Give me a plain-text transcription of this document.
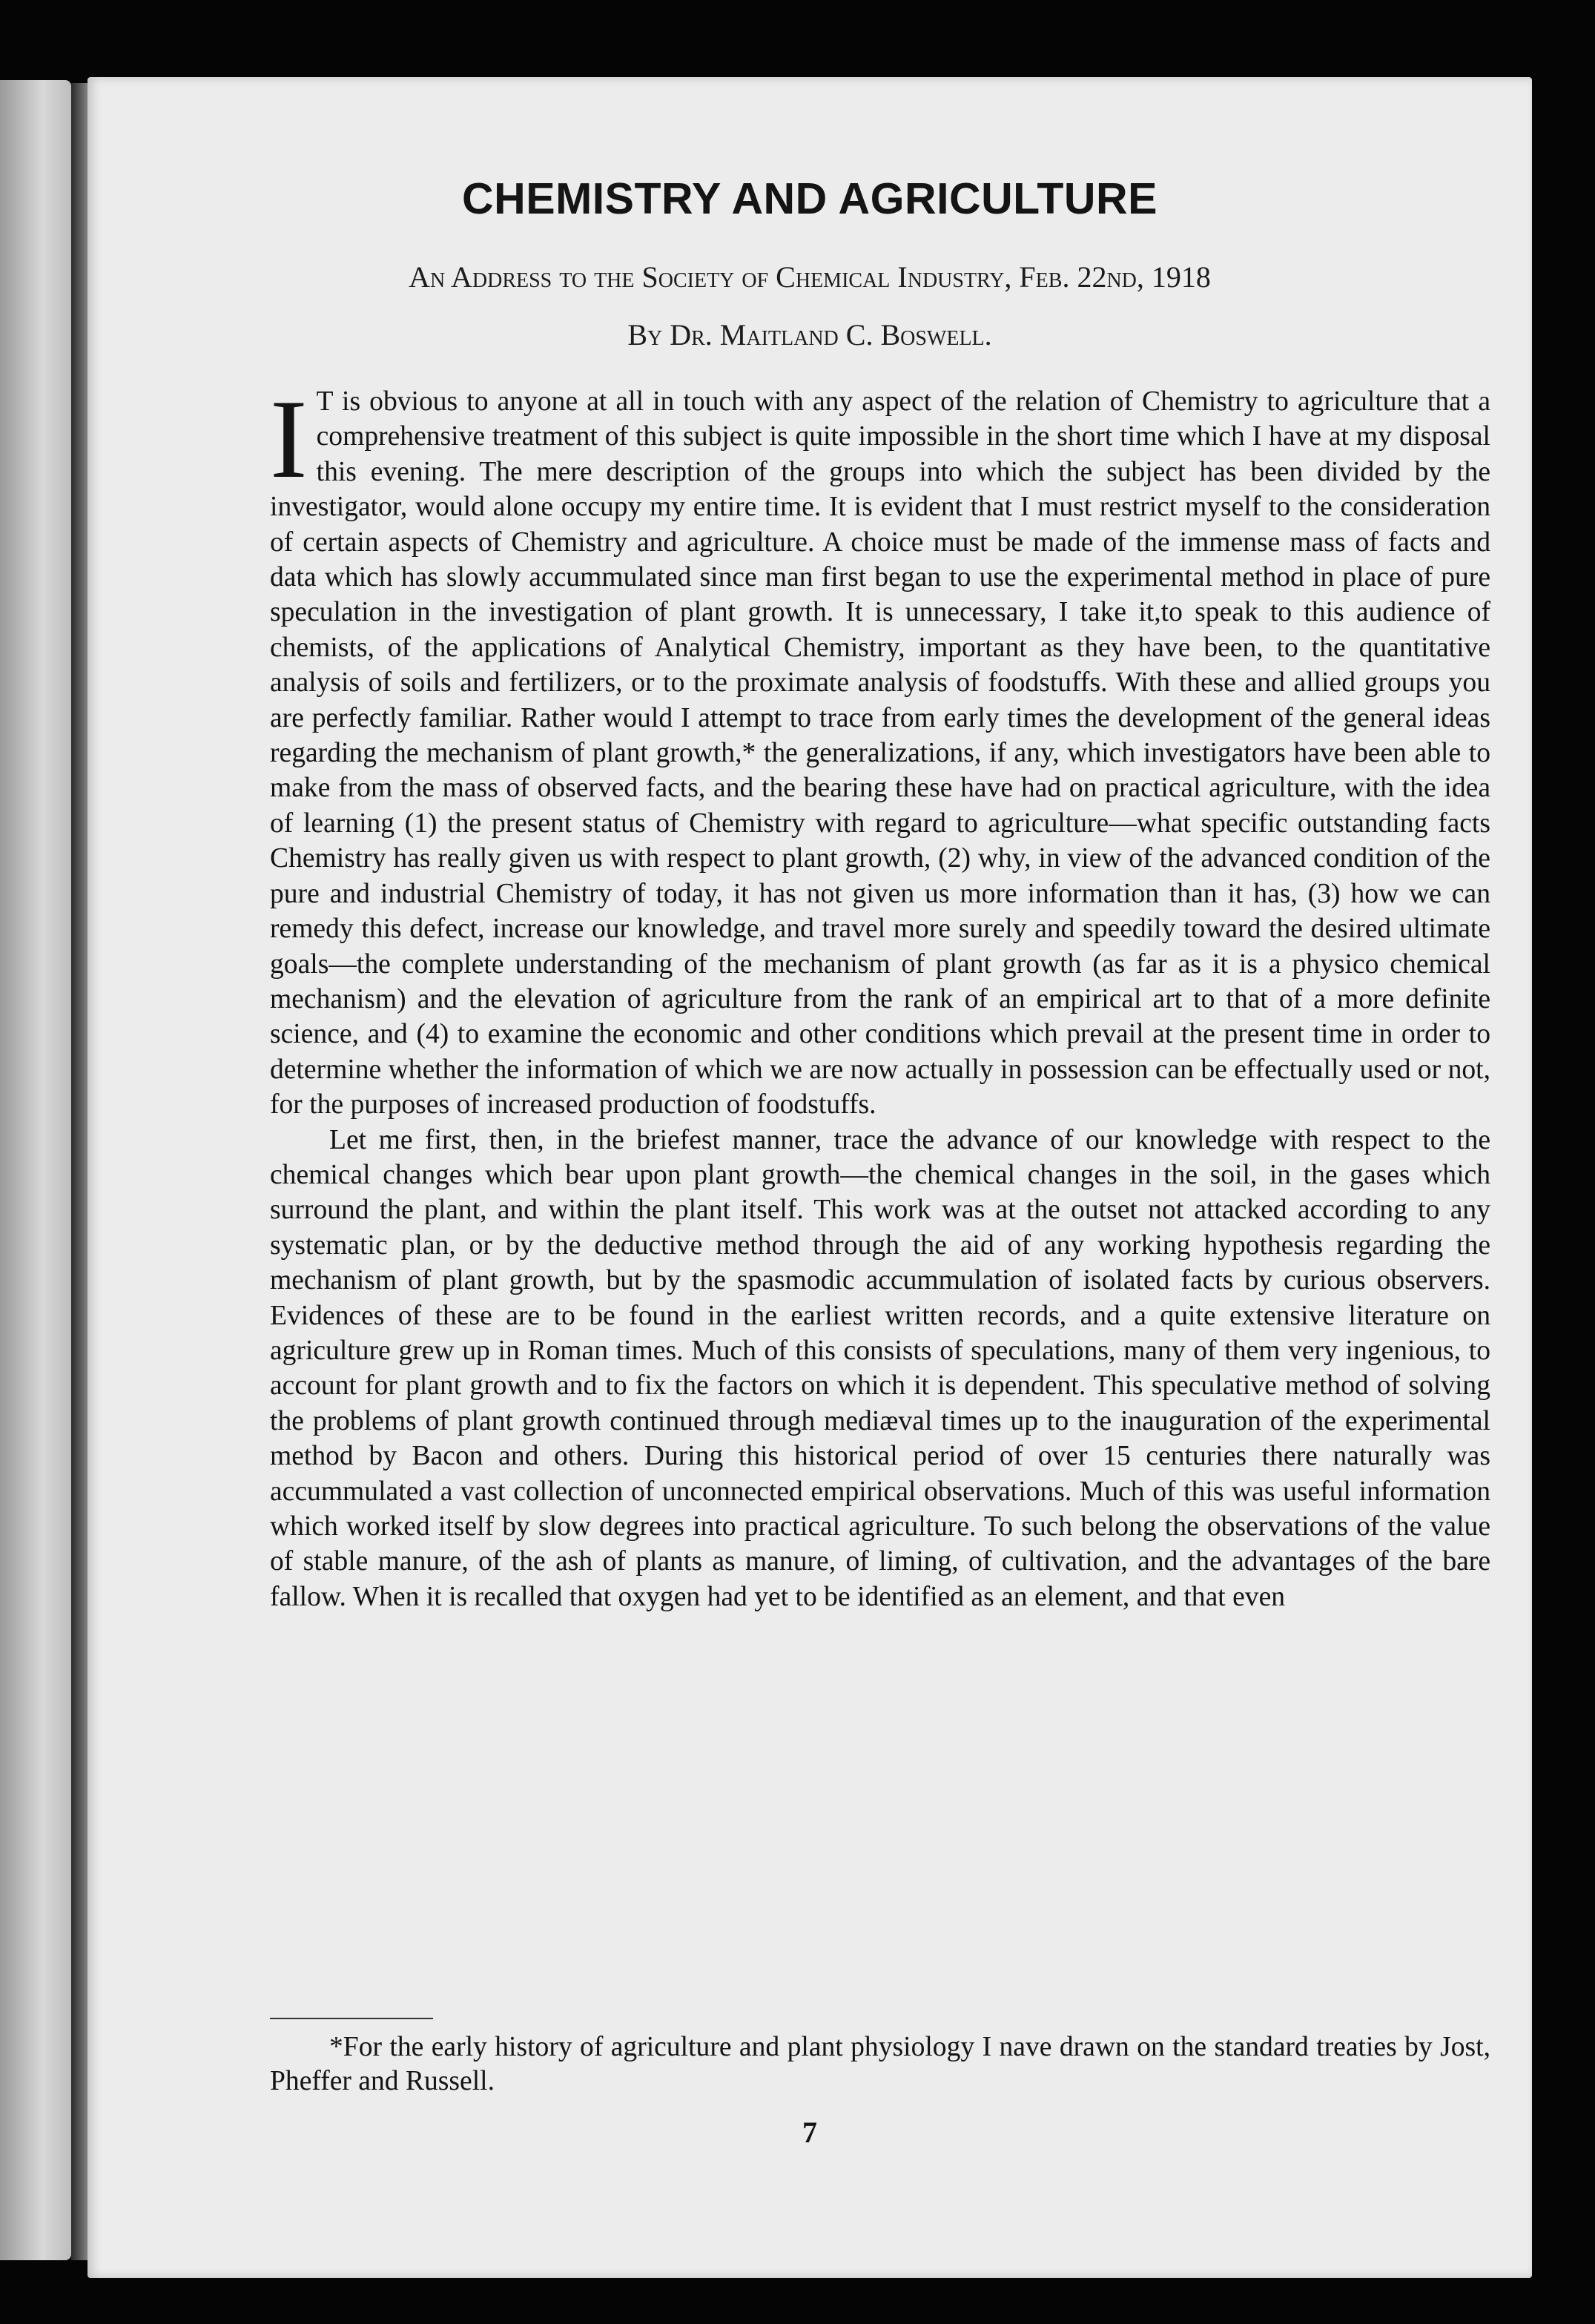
CHEMISTRY AND AGRICULTURE

An Address to the Society of Chemical Industry, Feb. 22nd, 1918

By Dr. Maitland C. Boswell.

I T is obvious to anyone at all in touch with any aspect of the relation of Chemistry to agriculture that a comprehensive treatment of this subject is quite impossible in the short time which I have at my disposal this evening. The mere description of the groups into which the subject has been divided by the investigator, would alone occupy my entire time. It is evident that I must restrict myself to the consideration of certain aspects of Chemistry and agriculture. A choice must be made of the immense mass of facts and data which has slowly accummulated since man first began to use the experimental method in place of pure speculation in the investigation of plant growth. It is unnecessary, I take it,to speak to this audience of chemists, of the applications of Analytical Chemistry, important as they have been, to the quantitative analysis of soils and fertilizers, or to the proximate analysis of foodstuffs. With these and allied groups you are perfectly familiar. Rather would I attempt to trace from early times the development of the general ideas regarding the mechanism of plant growth,* the generalizations, if any, which investigators have been able to make from the mass of observed facts, and the bearing these have had on practical agriculture, with the idea of learning (1) the present status of Chemistry with regard to agriculture—what specific outstanding facts Chemistry has really given us with respect to plant growth, (2) why, in view of the advanced condition of the pure and industrial Chemistry of today, it has not given us more information than it has, (3) how we can remedy this defect, increase our knowledge, and travel more surely and speedily toward the desired ultimate goals—the complete understanding of the mechanism of plant growth (as far as it is a physico chemical mechanism) and the elevation of agriculture from the rank of an empirical art to that of a more definite science, and (4) to examine the economic and other conditions which prevail at the present time in order to determine whether the information of which we are now actually in possession can be effectually used or not, for the purposes of increased production of foodstuffs.

Let me first, then, in the briefest manner, trace the advance of our knowledge with respect to the chemical changes which bear upon plant growth—the chemical changes in the soil, in the gases which surround the plant, and within the plant itself. This work was at the outset not attacked according to any systematic plan, or by the deductive method through the aid of any working hypothesis regarding the mechanism of plant growth, but by the spasmodic accummulation of isolated facts by curious observers. Evidences of these are to be found in the earliest written records, and a quite extensive literature on agriculture grew up in Roman times. Much of this consists of speculations, many of them very ingenious, to account for plant growth and to fix the factors on which it is dependent. This speculative method of solving the problems of plant growth continued through mediæval times up to the inauguration of the experimental method by Bacon and others. During this historical period of over 15 centuries there naturally was accummulated a vast collection of unconnected empirical observations. Much of this was useful information which worked itself by slow degrees into practical agriculture. To such belong the observations of the value of stable manure, of the ash of plants as manure, of liming, of cultivation, and the advantages of the bare fallow. When it is recalled that oxygen had yet to be identified as an element, and that even

*For the early history of agriculture and plant physiology I nave drawn on the standard treaties by Jost, Pheffer and Russell.

7
